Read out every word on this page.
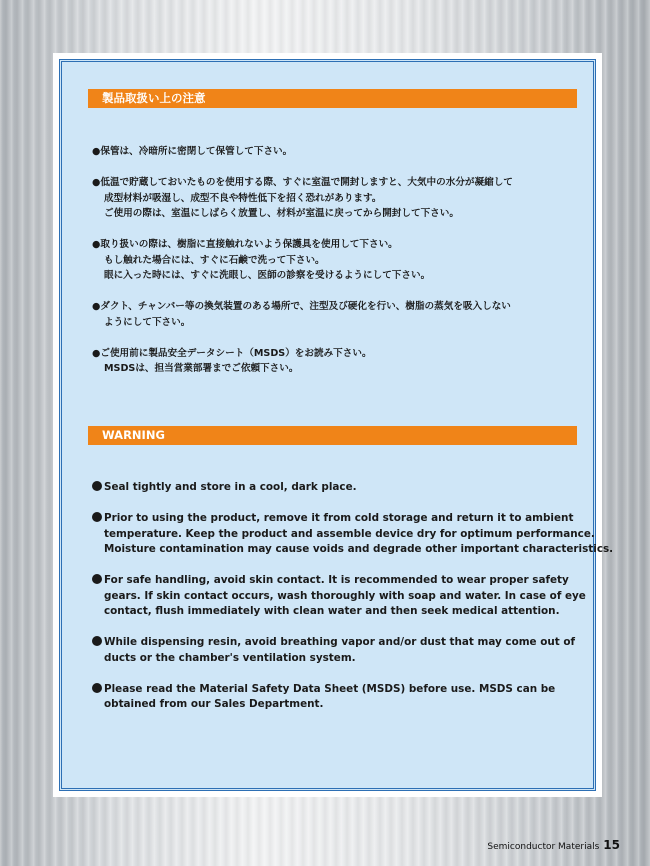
製品取扱い上の注意
●保管は、冷暗所に密閉して保管して下さい。
●低温で貯蔵しておいたものを使用する際、すぐに室温で開封しますと、大気中の水分が凝縮して
成型材料が吸湿し、成型不良や特性低下を招く恐れがあります。
ご使用の際は、室温にしばらく放置し、材料が室温に戻ってから開封して下さい。
●取り扱いの際は、樹脂に直接触れないよう保護具を使用して下さい。
もし触れた場合には、すぐに石鹸で洗って下さい。
眼に入った時には、すぐに洗眼し、医師の診察を受けるようにして下さい。
●ダクト、チャンバー等の換気装置のある場所で、注型及び硬化を行い、樹脂の蒸気を吸入しない
ようにして下さい。
●ご使用前に製品安全データシート（MSDS）をお読み下さい。
MSDSは、担当営業部署までご依頼下さい。
WARNING
Seal tightly and store in a cool, dark place.
Prior to using the product, remove it from cold storage and return it to ambient
temperature. Keep the product and assemble device dry for optimum performance.
Moisture contamination may cause voids and degrade other important characteristics.
For safe handling, avoid skin contact. It is recommended to wear proper safety
gears. If skin contact occurs, wash thoroughly with soap and water. In case of eye
contact, flush immediately with clean water and then seek medical attention.
While dispensing resin, avoid breathing vapor and/or dust that may come out of
ducts or the chamber's ventilation system.
Please read the Material Safety Data Sheet (MSDS) before use. MSDS can be
obtained from our Sales Department.
Semiconductor Materials 15
